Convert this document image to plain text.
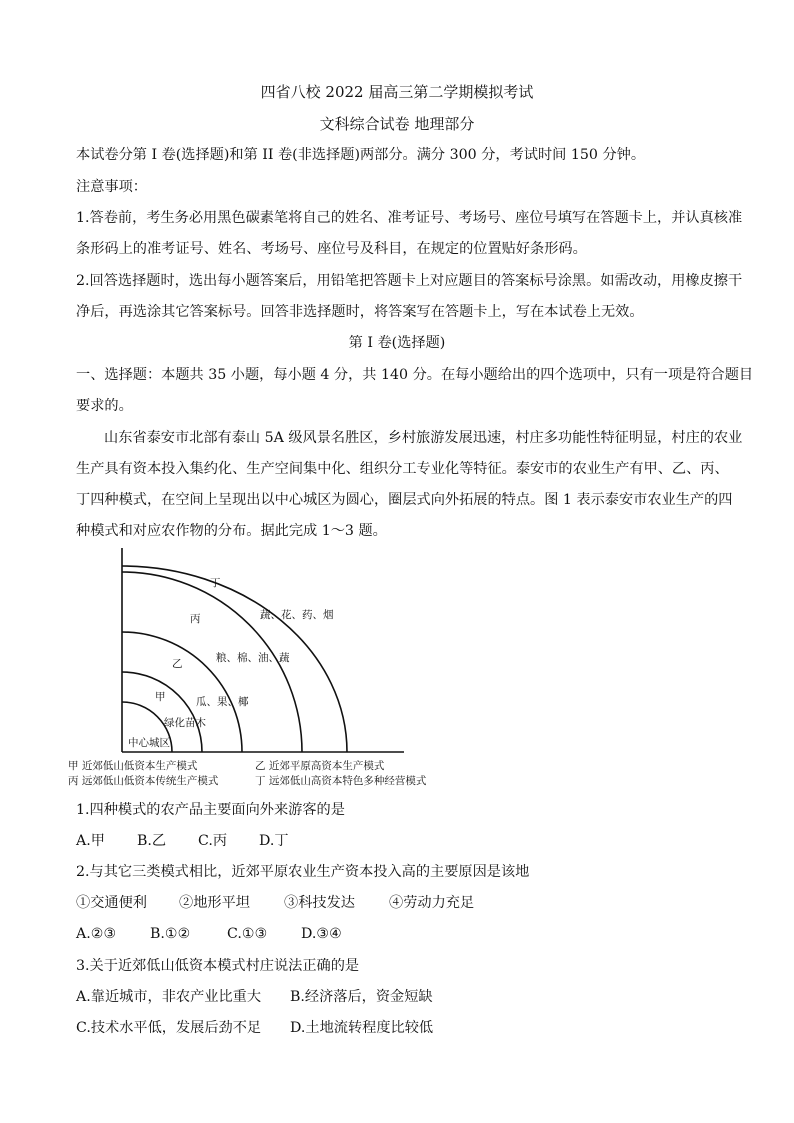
四省八校 2022 届高三第二学期模拟考试
文科综合试卷 地理部分
本试卷分第 I 卷(选择题)和第 II 卷(非选择题)两部分。满分 300 分，考试时间 150 分钟。
注意事项：
1.答卷前，考生务必用黑色碳素笔将自己的姓名、准考证号、考场号、座位号填写在答题卡上，并认真核准
条形码上的准考证号、姓名、考场号、座位号及科目，在规定的位置贴好条形码。
2.回答选择题时，选出每小题答案后，用铅笔把答题卡上对应题目的答案标号涂黑。如需改动，用橡皮擦干
净后，再选涂其它答案标号。回答非选择题时，将答案写在答题卡上，写在本试卷上无效。
第 I 卷(选择题)
一、选择题：本题共 35 小题，每小题 4 分，共 140 分。在每小题给出的四个选项中，只有一项是符合题目
要求的。
山东省泰安市北部有泰山 5A 级风景名胜区，乡村旅游发展迅速，村庄多功能性特征明显，村庄的农业
生产具有资本投入集约化、生产空间集中化、组织分工专业化等特征。泰安市的农业生产有甲、乙、丙、
丁四种模式，在空间上呈现出以中心城区为圆心，圈层式向外拓展的特点。图 1 表示泰安市农业生产的四
种模式和对应农作物的分布。据此完成 1～3 题。
中心城区
甲
乙
丙
丁
绿化苗木
瓜、果、椰
粮、棉、油、蔬
蔬、花、药、烟
甲 近郊低山低资本生产模式	乙 近郊平原高资本生产模式
丙 远郊低山低资本传统生产模式	丁 远郊低山高资本特色多种经营模式
1.四种模式的农产品主要面向外来游客的是
A.甲 B.乙 C.丙 D.丁
2.与其它三类模式相比，近郊平原农业生产资本投入高的主要原因是该地
①交通便利 ②地形平坦 ③科技发达 ④劳动力充足
A.②③ B.①②	C.①③ D.③④
3.关于近郊低山低资本模式村庄说法正确的是
A.靠近城市，非农产业比重大 B.经济落后，资金短缺
C.技术水平低，发展后劲不足 D.土地流转程度比较低
